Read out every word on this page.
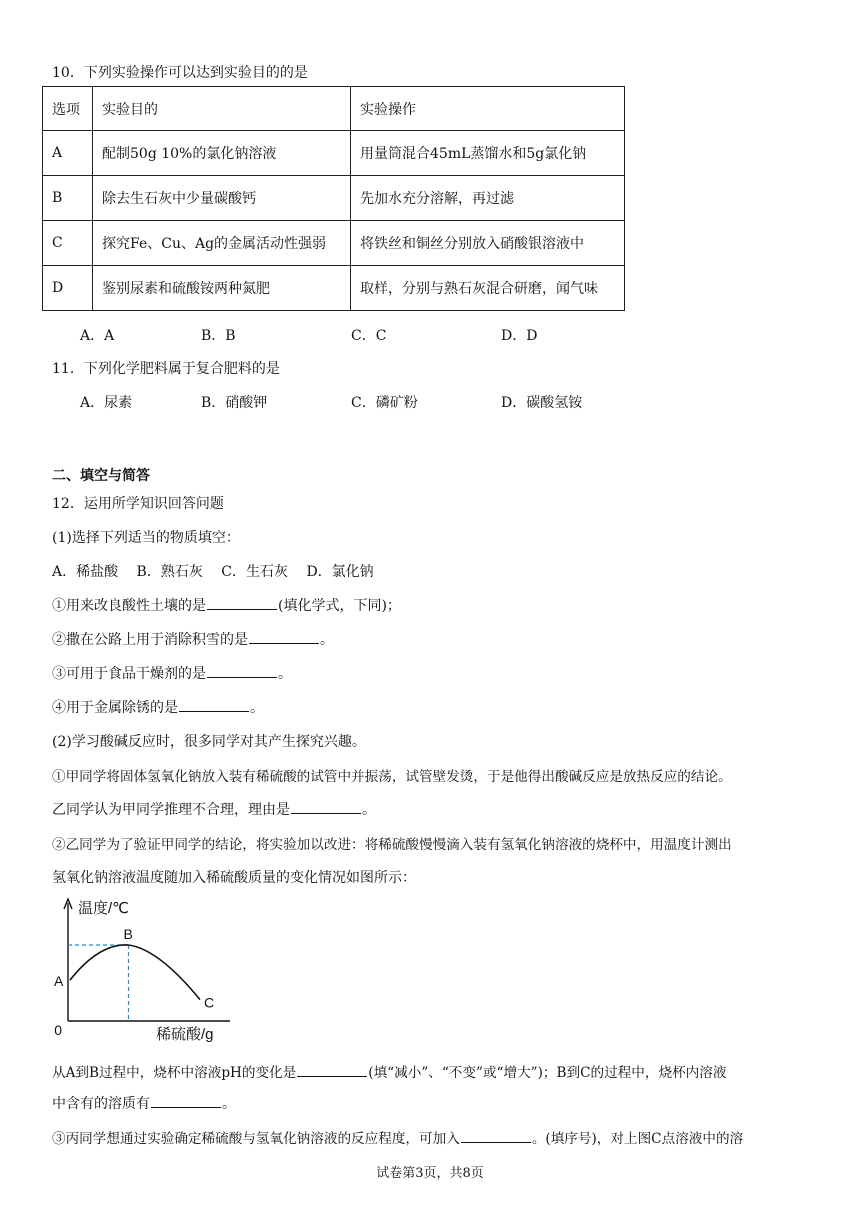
10．下列实验操作可以达到实验目的的是
选项	实验目的	实验操作
A	配制50g 10%的氯化钠溶液	用量筒混合45mL蒸馏水和5g氯化钠
B	除去生石灰中少量碳酸钙	先加水充分溶解，再过滤
C	探究Fe、Cu、Ag的金属活动性强弱	将铁丝和铜丝分别放入硝酸银溶液中
D	鉴别尿素和硫酸铵两种氮肥	取样，分别与熟石灰混合研磨，闻气味
A．A	B．B	C．C	D．D
11．下列化学肥料属于复合肥料的是
A．尿素	B．硝酸钾	C．磷矿粉	D．碳酸氢铵
二、填空与简答
12．运用所学知识回答问题
(1)选择下列适当的物质填空：
A．稀盐酸　 B．熟石灰　 C．生石灰　 D．氯化钠
①用来改良酸性土壤的是	(填化学式，下同)；
②撒在公路上用于消除积雪的是	。
③可用于食品干燥剂的是	。
④用于金属除锈的是	。
(2)学习酸碱反应时，很多同学对其产生探究兴趣。
①甲同学将固体氢氧化钠放入装有稀硫酸的试管中并振荡，试管壁发烫，于是他得出酸碱反应是放热反应的结论。
乙同学认为甲同学推理不合理，理由是	。
②乙同学为了验证甲同学的结论，将实验加以改进：将稀硫酸慢慢滴入装有氢氧化钠溶液的烧杯中，用温度计测出
氢氧化钠溶液温度随加入稀硫酸质量的变化情况如图所示：
温度/℃
稀硫酸/g
0
A
B
C
从A到B过程中，烧杯中溶液pH的变化是	(填“减小”、“不变”或“增大”)；B到C的过程中，烧杯内溶液
中含有的溶质有	。
③丙同学想通过实验确定稀硫酸与氢氧化钠溶液的反应程度，可加入	。(填序号)，对上图C点溶液中的溶
试卷第3页，共8页
